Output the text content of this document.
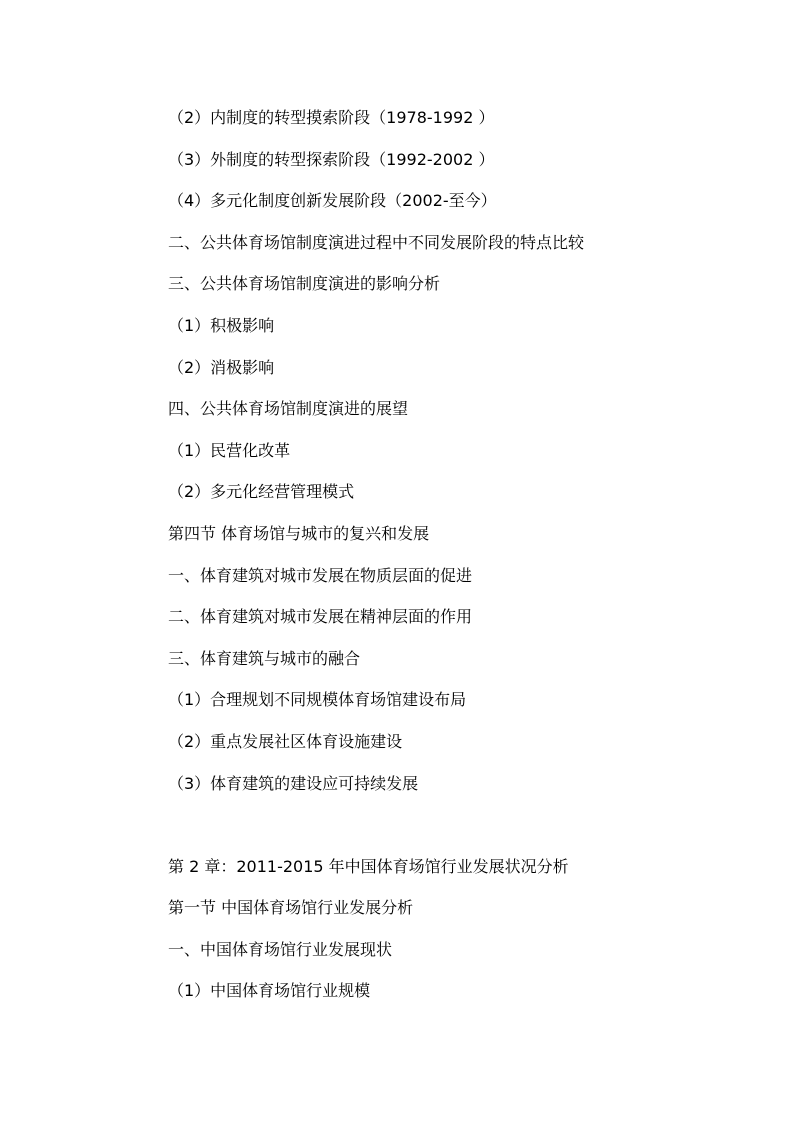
（2）内制度的转型摸索阶段（1978-1992 ）
（3）外制度的转型探索阶段（1992-2002 ）
（4）多元化制度创新发展阶段（2002-至今）
二、公共体育场馆制度演进过程中不同发展阶段的特点比较
三、公共体育场馆制度演进的影响分析
（1）积极影响
（2）消极影响
四、公共体育场馆制度演进的展望
（1）民营化改革
（2）多元化经营管理模式
第四节 体育场馆与城市的复兴和发展
一、体育建筑对城市发展在物质层面的促进
二、体育建筑对城市发展在精神层面的作用
三、体育建筑与城市的融合
（1）合理规划不同规模体育场馆建设布局
（2）重点发展社区体育设施建设
（3）体育建筑的建设应可持续发展
第 2 章：2011-2015 年中国体育场馆行业发展状况分析
第一节 中国体育场馆行业发展分析
一、中国体育场馆行业发展现状
（1）中国体育场馆行业规模
